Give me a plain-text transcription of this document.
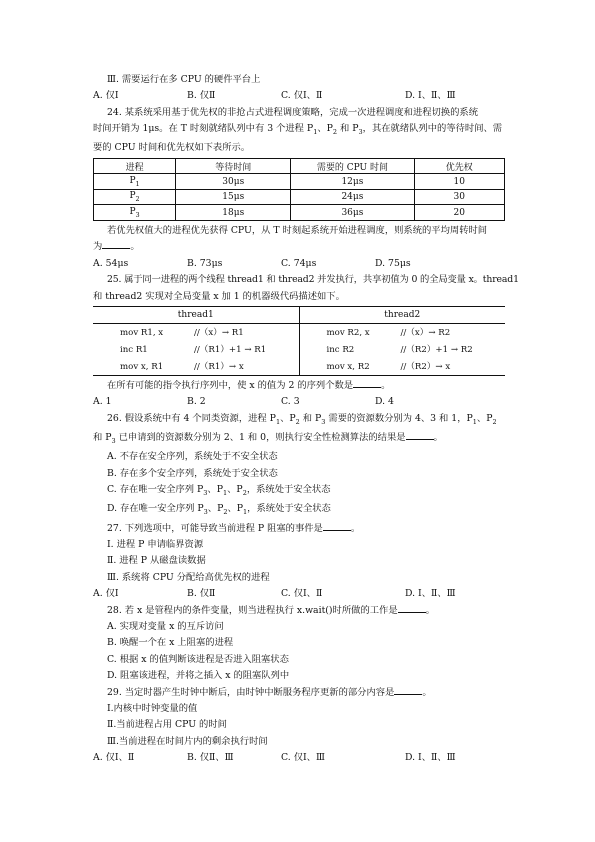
Ⅲ. 需要运行在多 CPU 的硬件平台上
A. 仅Ⅰ	B. 仅Ⅱ	C. 仅Ⅰ、Ⅱ	D. Ⅰ、Ⅱ、Ⅲ
24. 某系统采用基于优先权的非抢占式进程调度策略，完成一次进程调度和进程切换的系统
时间开销为 1μs。在 T 时刻就绪队列中有 3 个进程 $P_1$、$P_2$ 和 $P_3$，其在就绪队列中的等待时间、需
要的 CPU 时间和优先权如下表所示。
进程	等待时间	需要的 CPU 时间	优先权
$P_1$	30μs	12μs	10
$P_2$	15μs	24μs	30
$P_3$	18μs	36μs	20
若优先权值大的进程优先获得 CPU，从 T 时刻起系统开始进程调度，则系统的平均周转时间
为	。
A. 54μs	B. 73μs	C. 74μs	D. 75μs
25. 属于同一进程的两个线程 thread1 和 thread2 并发执行，共享初值为 0 的全局变量 x。thread1
和 thread2 实现对全局变量 x 加 1 的机器级代码描述如下。
thread1	thread2
mov R1, x //（x）→ R1	mov R2, x //（x）→ R2
inc R1 //（R1）+1 → R1	inc R2 //（R2）+1 → R2
mov x, R1 //（R1）→ x	mov x, R2 //（R2）→ x
在所有可能的指令执行序列中，使 x 的值为 2 的序列个数是	。
A. 1	B. 2	C. 3	D. 4
26. 假设系统中有 4 个同类资源，进程 $P_1$、$P_2$ 和 $P_3$ 需要的资源数分别为 4、3 和 1，$P_1$、$P_2$
和 $P_3$ 已申请到的资源数分别为 2、1 和 0，则执行安全性检测算法的结果是	。
A. 不存在安全序列，系统处于不安全状态
B. 存在多个安全序列，系统处于安全状态
C. 存在唯一安全序列 $P_3$、$P_1$、$P_2$，系统处于安全状态
D. 存在唯一安全序列 $P_3$、$P_2$、$P_1$，系统处于安全状态
27. 下列选项中，可能导致当前进程 P 阻塞的事件是	。
Ⅰ. 进程 P 申请临界资源
Ⅱ. 进程 P 从磁盘读数据
Ⅲ. 系统将 CPU 分配给高优先权的进程
A. 仅Ⅰ	B. 仅Ⅱ	C. 仅Ⅰ、Ⅱ	D. Ⅰ、Ⅱ、Ⅲ
28. 若 x 是管程内的条件变量，则当进程执行 x.wait()时所做的工作是	。
A. 实现对变量 x 的互斥访问
B. 唤醒一个在 x 上阻塞的进程
C. 根据 x 的值判断该进程是否进入阻塞状态
D. 阻塞该进程，并将之插入 x 的阻塞队列中
29. 当定时器产生时钟中断后，由时钟中断服务程序更新的部分内容是	。
Ⅰ.内核中时钟变量的值
Ⅱ.当前进程占用 CPU 的时间
Ⅲ.当前进程在时间片内的剩余执行时间
A. 仅Ⅰ、Ⅱ	B. 仅Ⅱ、Ⅲ	C. 仅Ⅰ、Ⅲ	D. Ⅰ、Ⅱ、Ⅲ
